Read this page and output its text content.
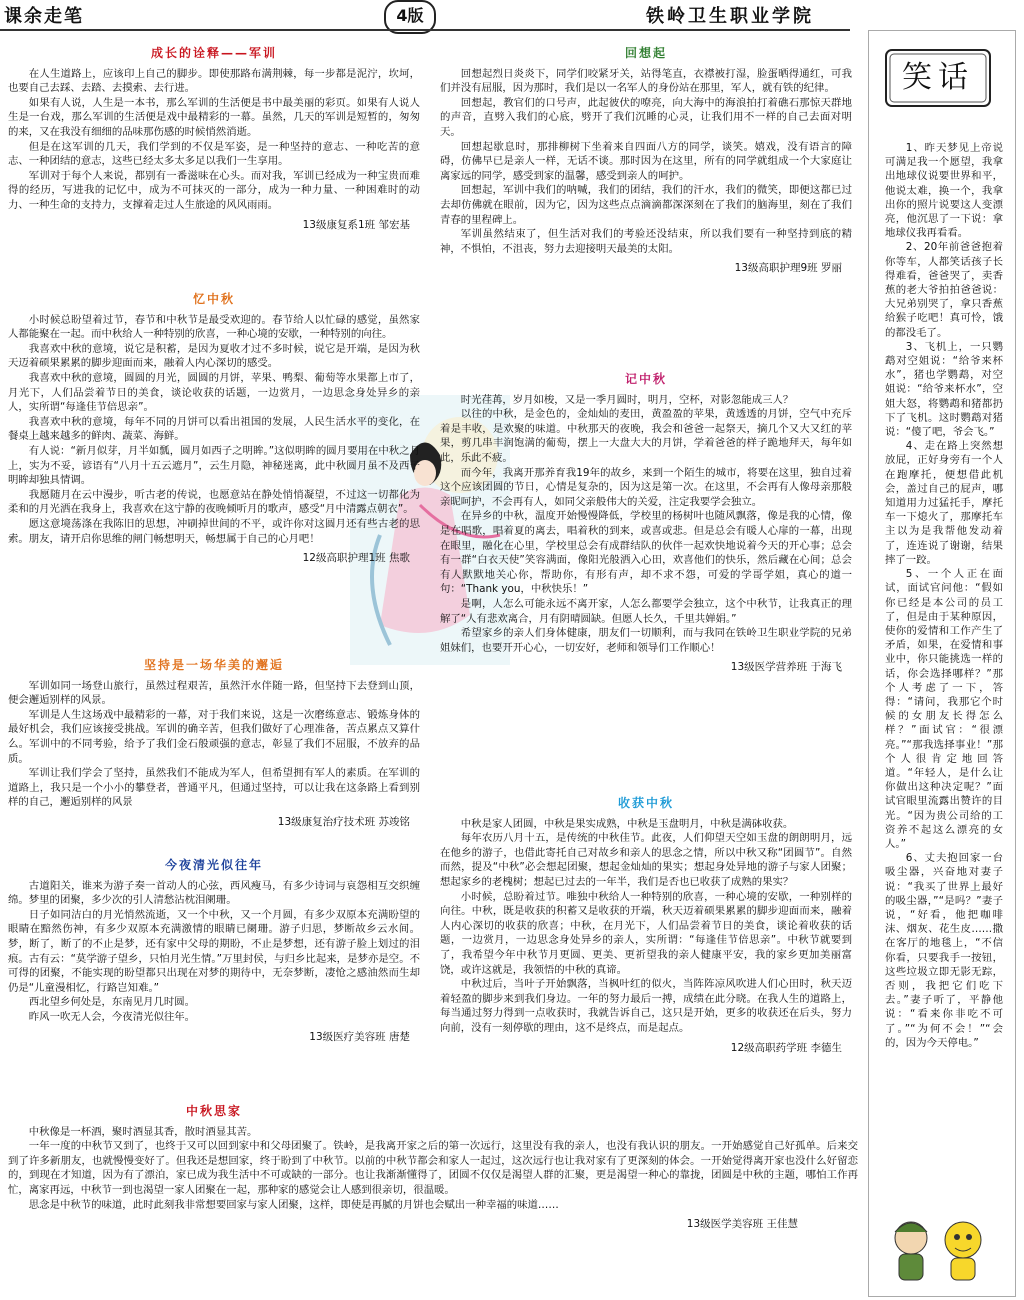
课余走笔	4版	铁岭卫生职业学院
成长的诠释——军训

在人生道路上，应该印上自己的脚步。即使那路布满荆棘，每一步都是泥泞，坎坷，也要自己去踩、去踏、去摸索、去行进。

如果有人说，人生是一本书，那么军训的生活便是书中最美丽的彩页。如果有人说人生是一台戏，那么军训的生活便是戏中最精彩的一幕。虽然，几天的军训是短暂的，匆匆的来，又在我没有细细的品味那伤感的时候悄然消逝。

但是在这军训的几天，我们学到的不仅是军姿，是一种坚持的意志、一种吃苦的意志、一种团结的意志，这些已经太多太多足以我们一生享用。

军训对于每个人来说，都别有一番滋味在心头。而对我，军训已经成为一种宝贵而难得的经历，写进我的记忆中，成为不可抹灭的一部分，成为一种力量、一种困难时的动力、一种生命的支持力，支撑着走过人生旅途的风风雨雨。

13级康复系1班 邹宏基
忆中秋

小时候总盼望着过节，春节和中秋节是最受欢迎的。春节给人以忙碌的感觉，虽然家人都能聚在一起。而中秋给人一种特别的欣喜，一种心境的安歇，一种特别的向往。

我喜欢中秋的意境，说它是积蓄，是因为夏收才过不多时候，说它是开端，是因为秋天迈着硕果累累的脚步迎面而来，融着人内心深切的感受。

我喜欢中秋的意境，圆圆的月光，圆圆的月饼，苹果、鸭梨、葡萄等水果都上市了，月光下，人们品尝着节日的美食，谈论收获的话题，一边赏月，一边思念身处异乡的亲人，实所谓“每逢佳节倍思亲”。

我喜欢中秋的意境，每年不同的月饼可以看出祖国的发展，人民生活水平的变化，在餐桌上越来越多的鲜肉、蔬菜、海鲜。

有人说：“新月似芽，月半如瓢，圆月如西子之明眸。”这似明眸的圆月要用在中秋之月上，实为不妥，谚语有“八月十五云遮月”，云生月隐，神秘迷离，此中秋圆月虽不及西子明眸却独具情调。

我愿随月在云中漫步，听古老的传说，也愿意站在静处悄悄凝望，不过这一切都化为柔和的月光洒在我身上，我喜欢在这宁静的夜晚倾听月的歌声，感受“月中清露点朝衣”。

愿这意境荡涤在我陈旧的思想，冲刷掉世间的不平，或许你对这圆月还有些古老的思索。朋友，请开启你思维的闸门畅想明天，畅想属于自己的心月吧！

12级高职护理1班 焦歌
坚持是一场华美的邂逅

军训如同一场登山旅行，虽然过程艰苦，虽然汗水伴随一路，但坚持下去登到山顶，便会邂逅别样的风景。

军训是人生这场戏中最精彩的一幕，对于我们来说，这是一次磨练意志、锻炼身体的最好机会，我们应该接受挑战。军训的确辛苦，但我们做好了心理准备，苦点累点又算什么。军训中的不同考验，给予了我们金石般顽强的意志，彰显了我们不屈服，不放弃的品质。

军训让我们学会了坚持，虽然我们不能成为军人，但希望拥有军人的素质。在军训的道路上，我只是一个小小的攀登者，普通平凡，但通过坚持，可以让我在这条路上看到别样的自己，邂逅别样的风景

13级康复治疗技术班 苏竣铭
今夜清光似往年

古道阳关，谁来为游子奏一首动人的心弦，西风瘦马，有多少诗词与哀怨相互交织缠绵。梦里的团聚，多少次的引人清愁沾枕泪阑珊。

日子如同洁白的月光悄然流逝，又一个中秋，又一个月圆，有多少双原本充满盼望的眼睛在黯然伤神，有多少双原本充满激情的眼睛已阑珊。游子归思，梦断故乡云水间。梦，断了，断了的不止是梦，还有家中父母的期盼，不止是梦想，还有游子脸上划过的泪痕。古有云：“莫学游子望乡，只怕月光生情。”万里封侯，与归乡比起来，是梦亦是空。不可得的团聚，不能实现的盼望都只出现在对梦的期待中，无奈梦断，凄怆之感油然而生却仍是“儿童漫相忆，行路岂知难。”

西北望乡何处是，东南见月几时圆。

昨风一吹无人会，今夜清光似往年。

13级医疗美容班 唐楚
中秋思家

中秋像是一杯酒，聚时酒显其香，散时酒显其苦。

一年一度的中秋节又到了，也终于又可以回到家中和父母团聚了。铁岭，是我离开家之后的第一次远行，这里没有我的亲人，也没有我认识的朋友。一开始感觉自己好孤单。后来交到了许多新朋友，也就慢慢变好了。但我还是想回家，终于盼到了中秋节。以前的中秋节都会和家人一起过，这次远行也让我对家有了更深刻的体会。一开始觉得离开家也没什么好留恋的，到现在才知道，因为有了漂泊，家已成为我生活中不可或缺的一部分。也让我渐渐懂得了，团圆不仅仅是渴望人群的汇聚，更是渴望一种心的靠拢，团圆是中秋的主题，哪怕工作再忙，离家再远，中秋节一到也渴望一家人团聚在一起，那种家的感觉会让人感到很亲切，很温暖。

思念是中秋节的味道，此时此刻我非常想要回家与家人团聚，这样，即使是再腻的月饼也会赋出一种幸福的味道……

13级医学美容班 王佳慧
回想起

回想起烈日炎炎下，同学们咬紧牙关，站得笔直，衣襟被打湿，脸蛋晒得通红，可我们并没有屈服，因为那时，我们是以一名军人的身份站在那里，军人，就有铁的纪律。

回想起，教官们的口号声，此起彼伏的嘹亮，向大海中的海浪拍打着礁石那惊天群地的声音，直劈入我们的心底，劈开了我们沉睡的心灵，让我们用不一样的自己去面对明天。

回想起歇息时，那排柳树下坐着来自四面八方的同学，谈笑。嬉戏，没有语言的障碍，仿佛早已是亲人一样，无话不谈。那时因为在这里，所有的同学就组成一个大家庭让离家远的同学，感受到家的温馨，感受到亲人的呵护。

回想起，军训中我们的呐喊，我们的团结，我们的汗水，我们的微笑，即便这都已过去却仿佛就在眼前，因为它，因为这些点点滴滴都深深刻在了我们的脑海里，刻在了我们青春的里程碑上。

军训虽然结束了，但生活对我们的考验还没结束，所以我们要有一种坚持到底的精神，不惧怕，不沮丧，努力去迎接明天最美的太阳。

13级高职护理9班 罗丽
记中秋

时光荏苒，岁月如梭，又是一季月圆时，明月，空杯，对影忽能成三人？

以往的中秋，是金色的，金灿灿的麦田，黄盈盈的苹果，黄透透的月饼，空气中充斥着是丰收，是欢聚的味道。中秋那天的夜晚，我会和爸爸一起祭天，摘几个又大又红的苹果，剪几串丰润饱满的葡萄，摆上一大盘大大的月饼，学着爸爸的样子跪地拜天，每年如此，乐此不疲。

而今年，我离开那养育我19年的故乡，来到一个陌生的城市，将要在这里，独自过着这个应该团圆的节日，心情是复杂的，因为这是第一次。在这里，不会再有人像母亲那般亲昵呵护，不会再有人，如同父亲般伟大的关爱，注定我要学会独立。

在异乡的中秋，温度开始慢慢降低，学校里的杨树叶也随风飘落，像是我的心情，像是在唱歌，唱着夏的离去，唱着秋的到来，或喜或悲。但是总会有暖人心扉的一幕，出现在眼里，融化在心里，学校里总会有成群结队的伙伴一起欢快地说着今天的开心事；总会有一群“白衣天使”笑容满面，像阳光般洒入心田，欢喜他们的快乐，然后藏在心间；总会有人默默地关心你，帮助你，有形有声，却不求不怨，可爱的学哥学姐，真心的道一句：“Thank you，中秋快乐！”

是啊，人怎么可能永远不离开家，人怎么都要学会独立，这个中秋节，让我真正的理解了“人有悲欢离合，月有阴晴圆缺。但愿人长久，千里共婵娟。”

希望家乡的亲人们身体健康，朋友们一切顺利，而与我同在铁岭卫生职业学院的兄弟姐妹们，也要开开心心，一切安好，老师和领导们工作顺心！

13级医学营养班 于海飞
收获中秋

中秋是家人团圆，中秋是果实成熟，中秋是玉盘明月，中秋是满砵收获。

每年农历八月十五，是传统的中秋佳节。此夜，人们仰望天空如玉盘的朗朗明月，远在他乡的游子，也借此寄托自己对故乡和亲人的思念之情，所以中秋又称“团圆节”。自然而然，提及“中秋”必会想起团聚，想起金灿灿的果实；想起身处异地的游子与家人团聚；想起家乡的老槐树；想起已过去的一年半，我们是否也已收获了成熟的果实？

小时候，总盼着过节。唯独中秋给人一种特别的欣喜，一种心境的安歇，一种别样的向往。中秋，既是收获的积蓄又是收获的开端，秋天迈着硕果累累的脚步迎面而来，融着人内心深切的收获的欣喜；中秋，在月光下，人们品尝着节日的美食，谈论着收获的话题，一边赏月，一边思念身处异乡的亲人，实所谓：“每逢佳节倍思亲”。中秋节就要到了，我希望今年中秋节月更圆、更美、更祈望我的亲人健康平安，我的家乡更加美丽富饶，或许这就是，我领悟的中秋的真谛。

中秋过后，当叶子开始飘落，当枫叶红的似火，当阵阵凉风吹进人们心田时，秋天迈着轻盈的脚步来到我们身边。一年的努力最后一搏，成绩在此分晓。在我人生的道路上，每当通过努力得到一点收获时，我就告诉自己，这只是开始，更多的收获还在后头，努力向前，没有一刻停歇的理由，这不是终点，而是起点。

12级高职药学班 李德生
笑话

1、昨天梦见上帝说可满足我一个愿望，我拿出地球仪说要世界和平，他说太难，换一个，我拿出你的照片说要这人变漂亮，他沉思了一下说：拿地球仪我再看看。

2、20年前爸爸抱着你等车，人都笑话孩子长得难看，爸爸哭了，卖香蕉的老大爷拍拍爸爸说：大兄弟别哭了，拿只香蕉给猴子吃吧！真可怜，饿的都没毛了。

3、飞机上，一只鹦鹉对空姐说：“给爷来杯水”，猪也学鹦鹉，对空姐说：“给爷来杯水”，空姐大怒，将鹦鹉和猪都扔下了飞机。这时鹦鹉对猪说：“傻了吧，爷会飞。”

4、走在路上突然想放屁，正好身旁有一个人在跑摩托，便想借此机会，盖过自己的屁声，哪知道用力过猛托手，摩托车一下熄火了，那摩托车主以为是我帮他发动着了，连连说了谢谢，结果摔了一跤。

5、一个人正在面试，面试官问他：“假如你已经是本公司的员工了，但是由于某种原因，使你的爱情和工作产生了矛盾，如果，在爱情和事业中，你只能挑选一样的话，你会选择哪样？”那个人考虑了一下，答得：“请问，我那它个时候的女朋友长得怎么样？”面试官：“很漂亮。”“那我选择事业！”那个人很肯定地回答道。“年轻人，是什么让你做出这种决定呢？”面试官眼里流露出赞许的目光。“因为贵公司给的工资养不起这么漂亮的女人。”

6、丈夫抱回家一台吸尘器，兴奋地对妻子说：“我买了世界上最好的吸尘器，”“是吗？”妻子说，“好看，他把咖啡沫、烟灰、花生皮……撒在客厅的地毯上，“不信你看，只要我手一按钮，这些垃圾立即无影无踪，否则，我把它们吃下去。”妻子听了，平静他说：“看来你非吃不可了。”“为何不会！”“会的，因为今天停电。”
